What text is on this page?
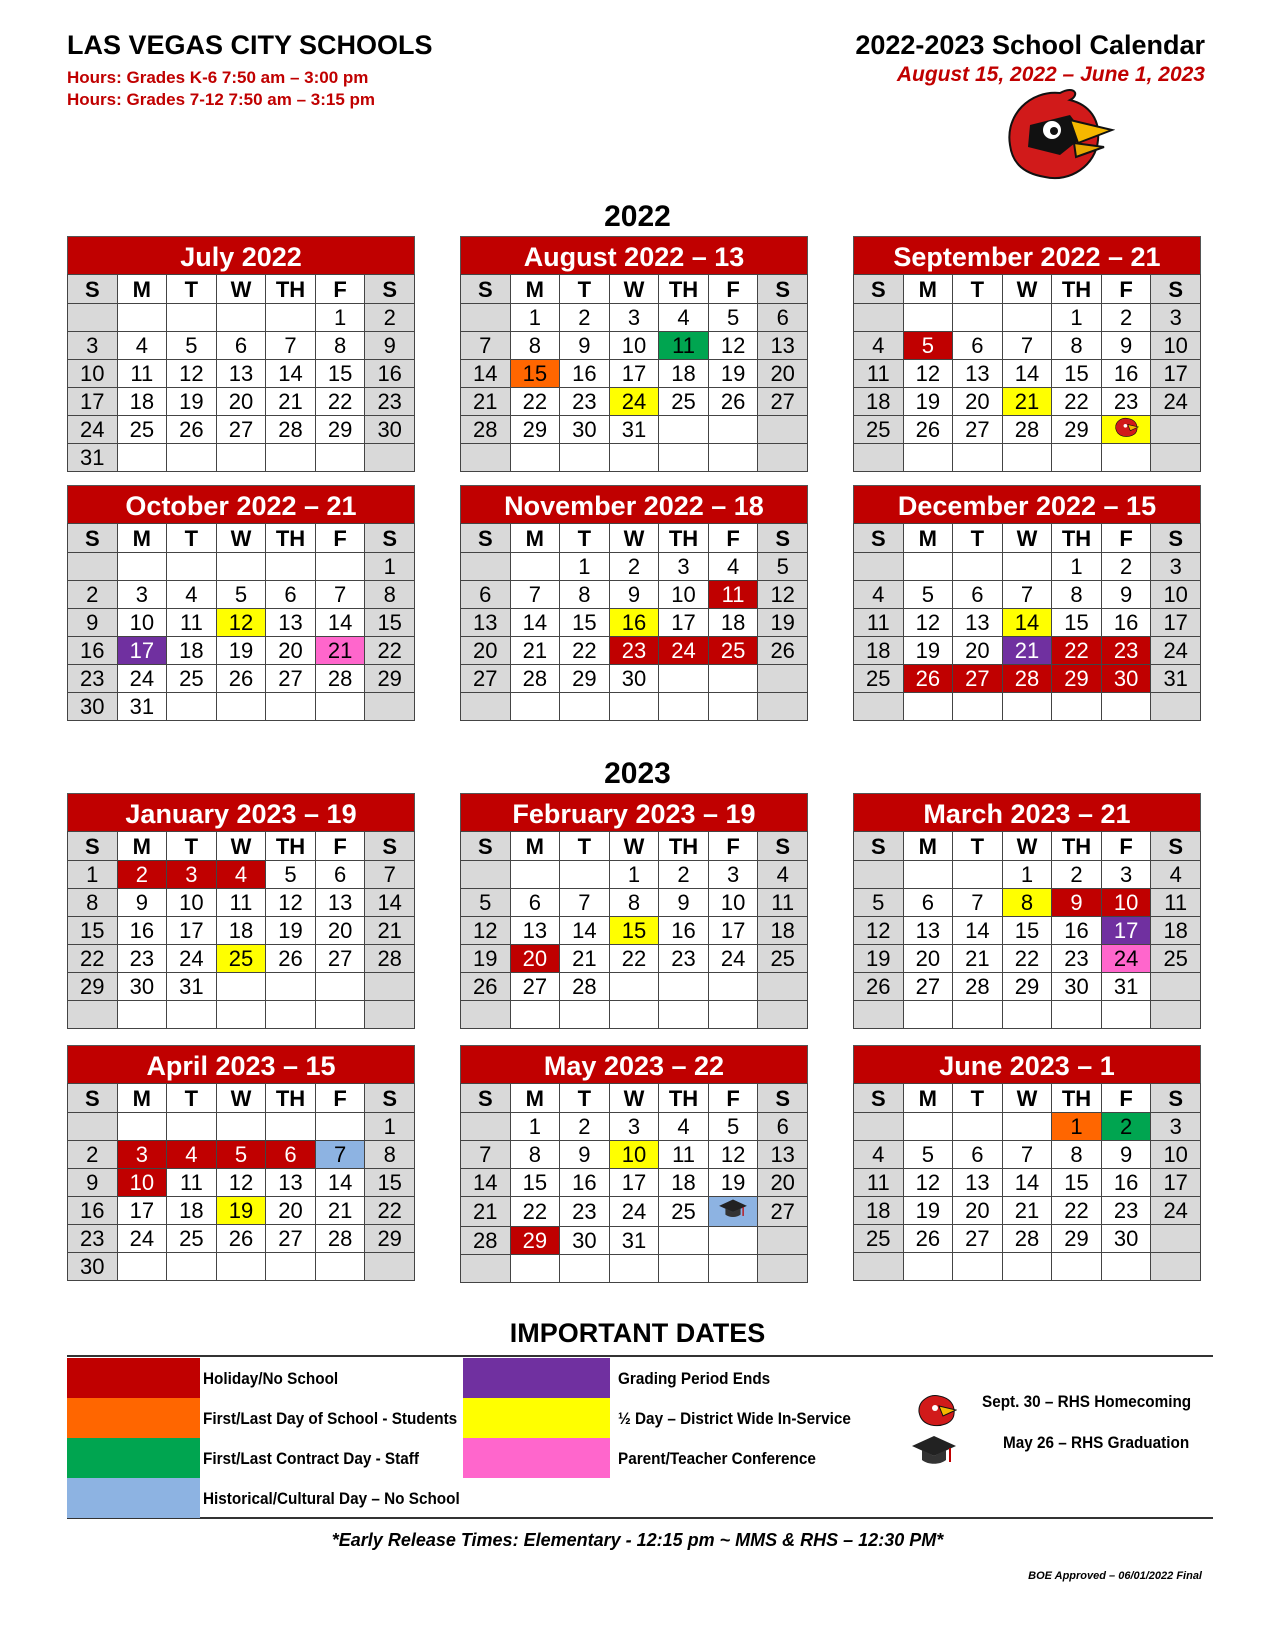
LAS VEGAS CITY SCHOOLS
Hours: Grades K-6 7:50 am – 3:00 pm
Hours: Grades 7-12 7:50 am – 3:15 pm
2022-2023 School Calendar
August 15, 2022 – June 1, 2023
2022
2023
July 2022
S	M	T	W	TH	F	S
					1	2
3	4	5	6	7	8	9
10	11	12	13	14	15	16
17	18	19	20	21	22	23
24	25	26	27	28	29	30
31						
August 2022 – 13
S	M	T	W	TH	F	S
	1	2	3	4	5	6
7	8	9	10	11	12	13
14	15	16	17	18	19	20
21	22	23	24	25	26	27
28	29	30	31			

September 2022 – 21
S	M	T	W	TH	F	S
				1	2	3
4	5	6	7	8	9	10
11	12	13	14	15	16	17
18	19	20	21	22	23	24
25	26	27	28	29		

October 2022 – 21
S	M	T	W	TH	F	S
						1
2	3	4	5	6	7	8
9	10	11	12	13	14	15
16	17	18	19	20	21	22
23	24	25	26	27	28	29
30	31					
November 2022 – 18
S	M	T	W	TH	F	S
		1	2	3	4	5
6	7	8	9	10	11	12
13	14	15	16	17	18	19
20	21	22	23	24	25	26
27	28	29	30			

December 2022 – 15
S	M	T	W	TH	F	S
				1	2	3
4	5	6	7	8	9	10
11	12	13	14	15	16	17
18	19	20	21	22	23	24
25	26	27	28	29	30	31

January 2023 – 19
S	M	T	W	TH	F	S
1	2	3	4	5	6	7
8	9	10	11	12	13	14
15	16	17	18	19	20	21
22	23	24	25	26	27	28
29	30	31				

February 2023 – 19
S	M	T	W	TH	F	S
			1	2	3	4
5	6	7	8	9	10	11
12	13	14	15	16	17	18
19	20	21	22	23	24	25
26	27	28				

March 2023 – 21
S	M	T	W	TH	F	S
			1	2	3	4
5	6	7	8	9	10	11
12	13	14	15	16	17	18
19	20	21	22	23	24	25
26	27	28	29	30	31	

April 2023 – 15
S	M	T	W	TH	F	S
						1
2	3	4	5	6	7	8
9	10	11	12	13	14	15
16	17	18	19	20	21	22
23	24	25	26	27	28	29
30						
May 2023 – 22
S	M	T	W	TH	F	S
	1	2	3	4	5	6
7	8	9	10	11	12	13
14	15	16	17	18	19	20
21	22	23	24	25		27
28	29	30	31			

June 2023 – 1
S	M	T	W	TH	F	S
				1	2	3
4	5	6	7	8	9	10
11	12	13	14	15	16	17
18	19	20	21	22	23	24
25	26	27	28	29	30	

IMPORTANT DATES
Holiday/No School
First/Last Day of School - Students
First/Last Contract Day - Staff
Historical/Cultural Day – No School
Grading Period Ends
½ Day – District Wide In-Service
Parent/Teacher Conference
Sept. 30 – RHS Homecoming
May 26 – RHS Graduation
*Early Release Times: Elementary - 12:15 pm ~ MMS & RHS – 12:30 PM*
BOE Approved – 06/01/2022 Final
